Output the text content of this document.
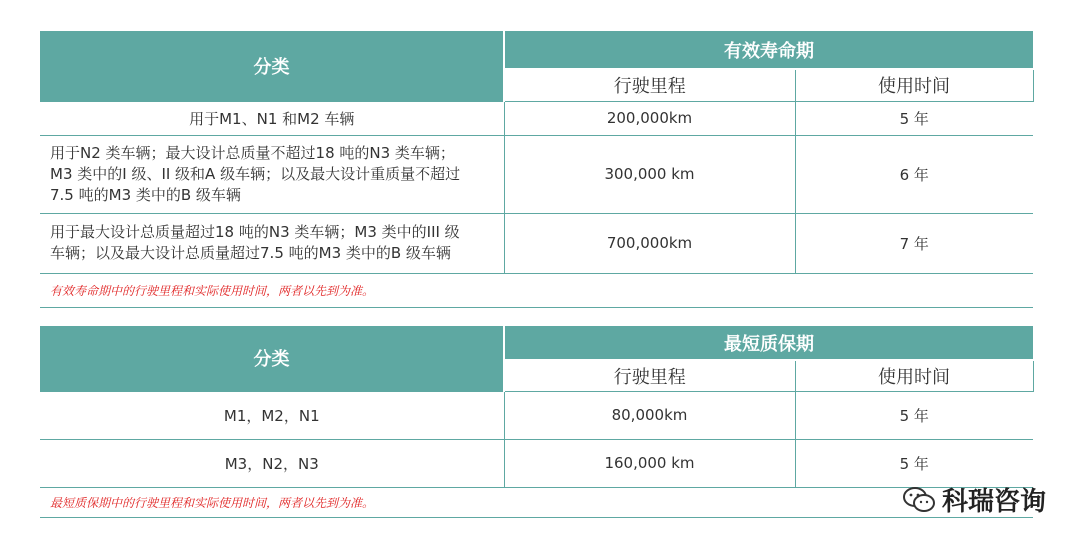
分类	有效寿命期	
	行驶里程	使用时间
用于M1、N1 和M2 车辆	200,000km	5 年

用于N2 类车辆；最大设计总质量不超过18 吨的N3 类车辆；
M3 类中的I 级、II 级和A 级车辆；以及最大设计重质量不超过
7.5 吨的M3 类中的B 级车辆	300,000 km	6 年

用于最大设计总质量超过18 吨的N3 类车辆；M3 类中的III 级
车辆；以及最大设计总质量超过7.5 吨的M3 类中的B 级车辆	700,000km	7 年
有效寿命期中的行驶里程和实际使用时间，两者以先到为准。		
分类	最短质保期	
	行驶里程	使用时间
M1，M2，N1	80,000km	5 年
M3，N2，N3	160,000 km	5 年
最短质保期中的行驶里程和实际使用时间，两者以先到为准。			科瑞咨询
